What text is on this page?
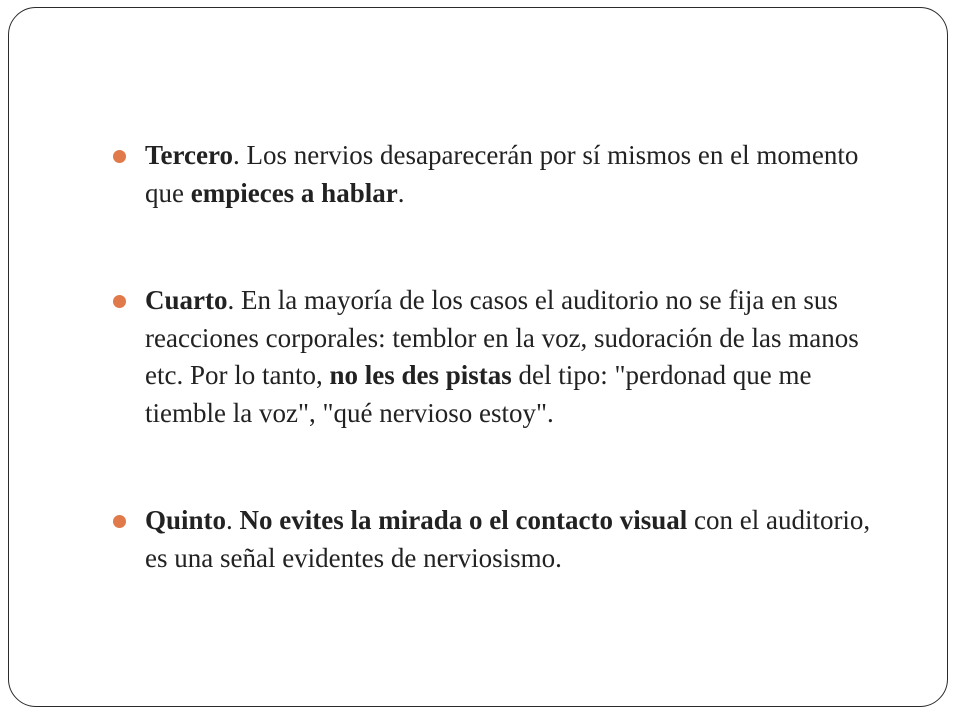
Tercero. Los nervios desaparecerán por sí mismos en el momento que empieces a hablar.
Cuarto. En la mayoría de los casos el auditorio no se fija en sus reacciones corporales: temblor en la voz, sudoración de las manos etc. Por lo tanto, no les des pistas del tipo: "perdonad que me tiemble la voz", "qué nervioso estoy".
Quinto. No evites la mirada o el contacto visual con el auditorio, es una señal evidentes de nerviosismo.
